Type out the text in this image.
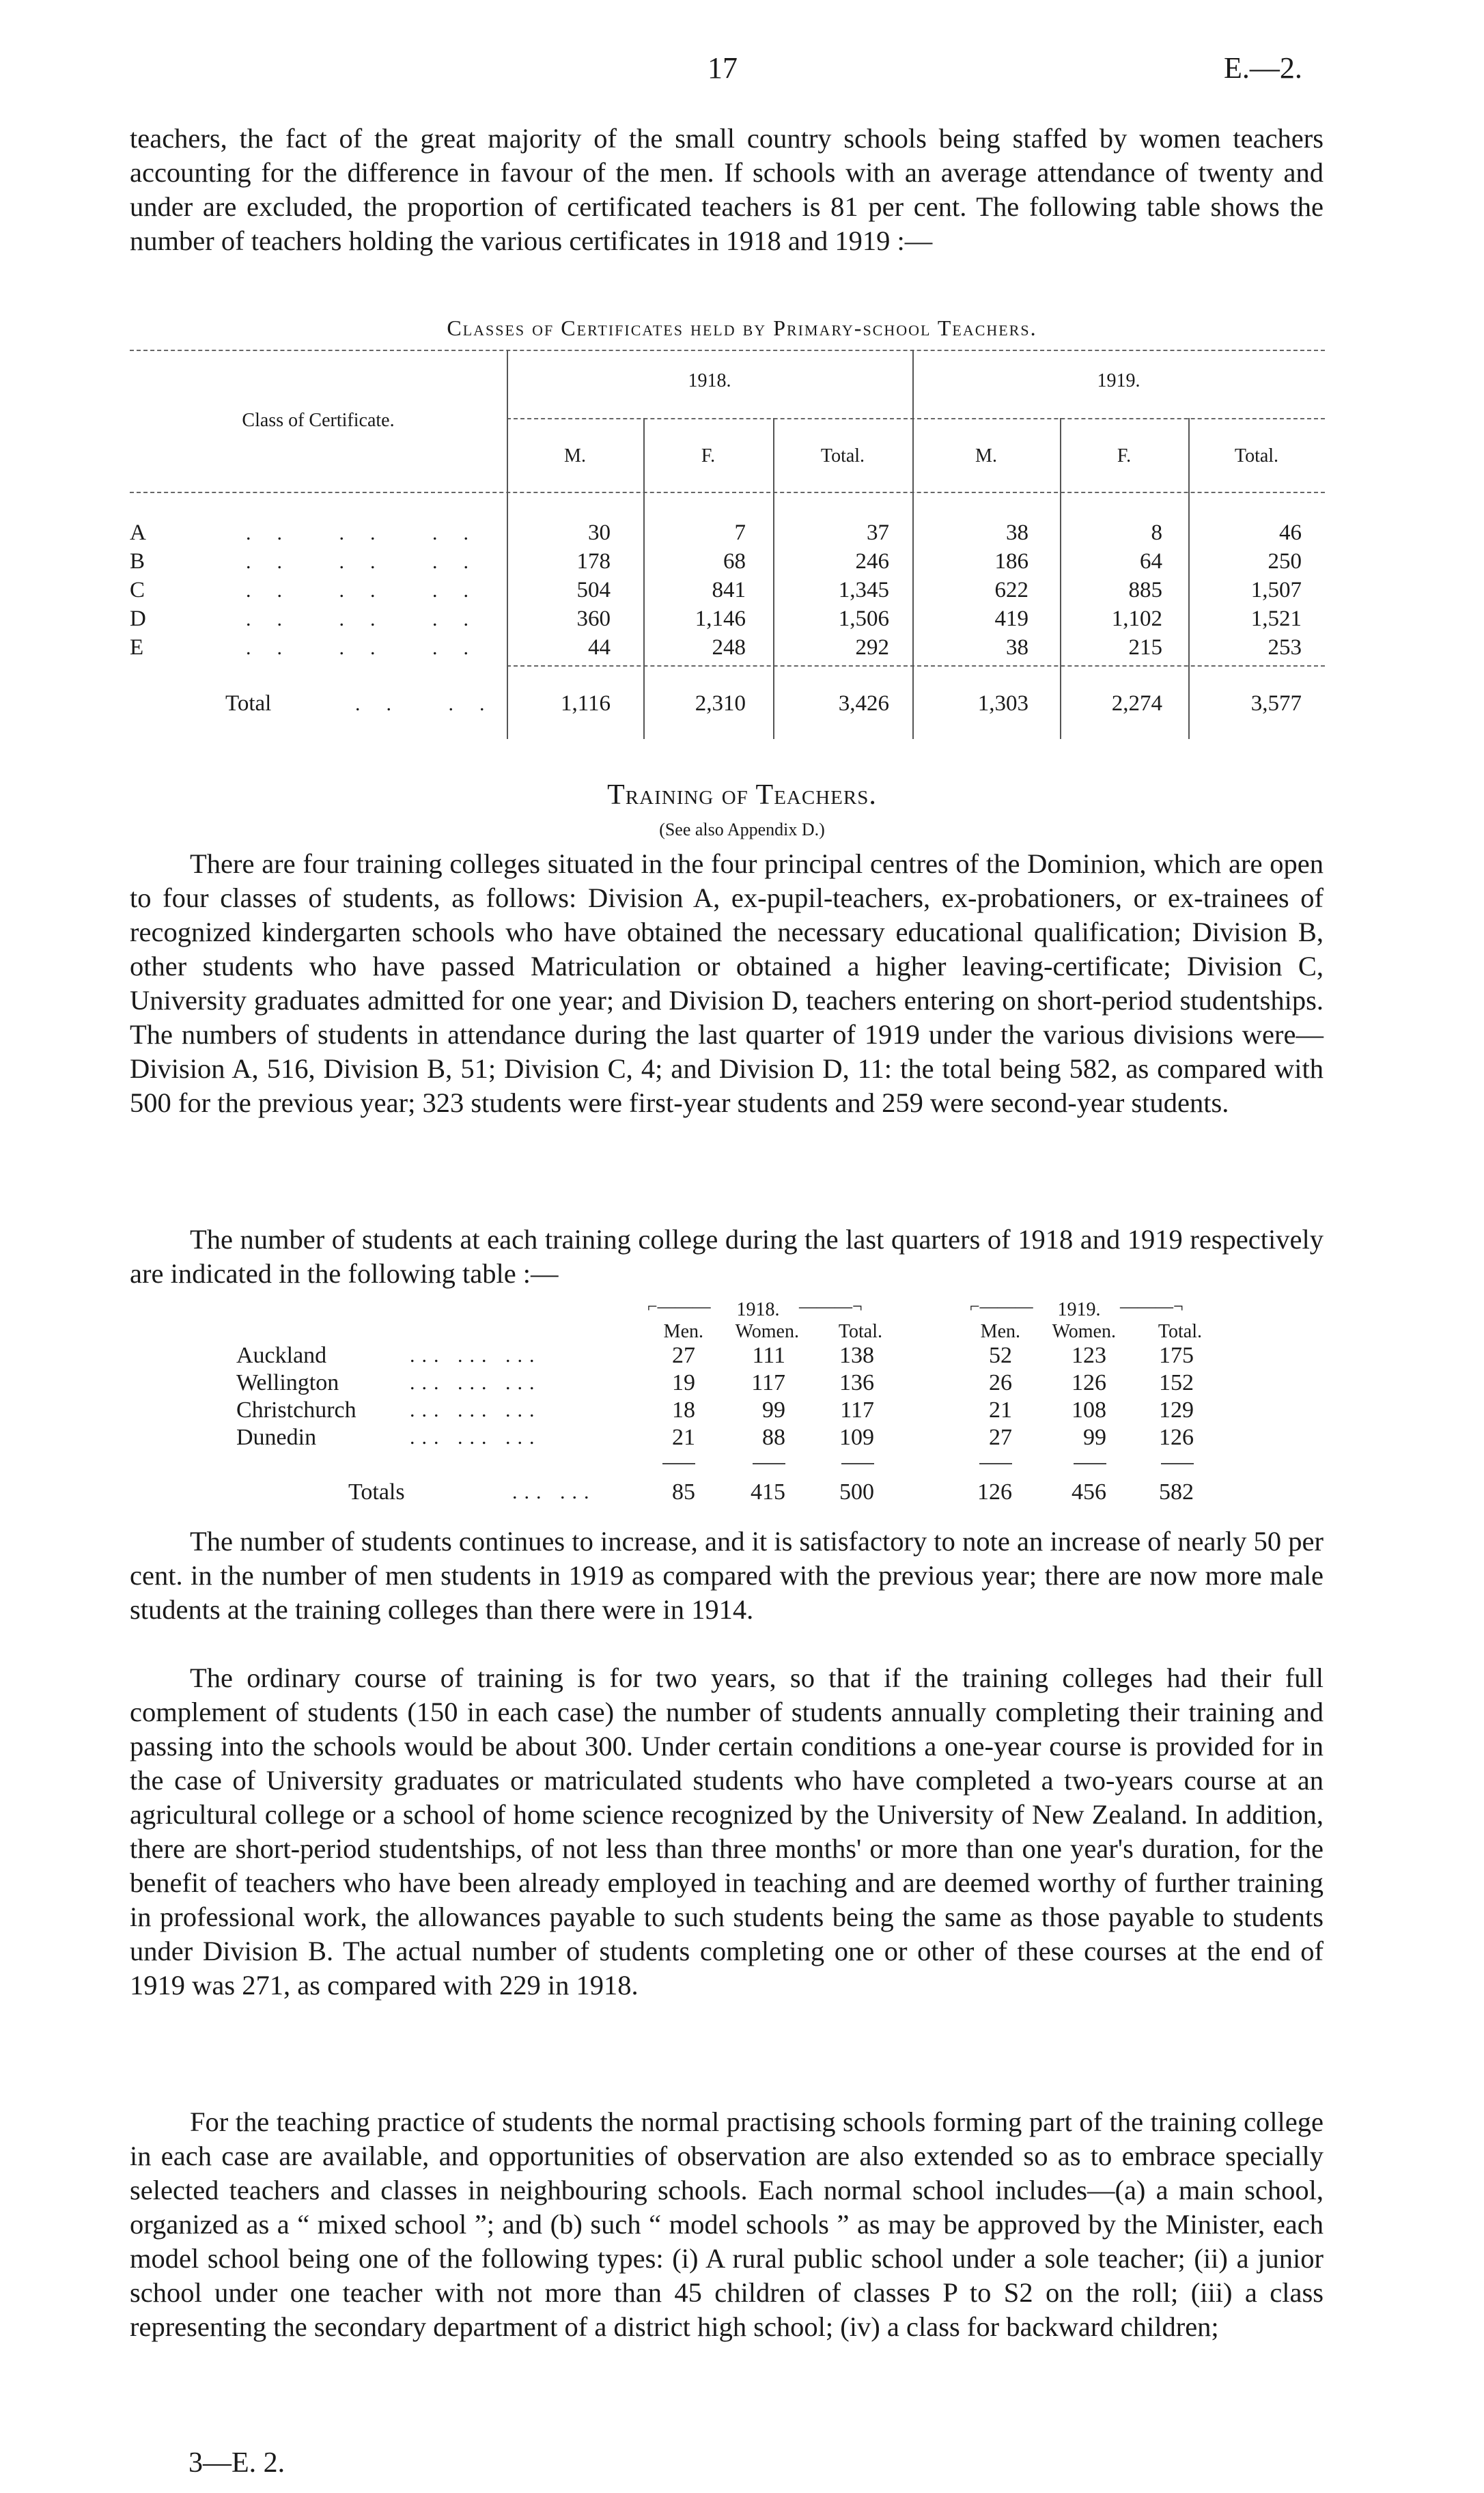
17	E.—2.

teachers, the fact of the great majority of the small country schools being staffed by women teachers accounting for the difference in favour of the men. If schools with an average attendance of twenty and under are excluded, the proportion of certificated teachers is 81 per cent. The following table shows the number of teachers holding the various certificates in 1918 and 1919 :—

Classes of Certificates held by Primary-school Teachers.
Class of Certificate.
1918.	1919.
M.	F.	Total.	M.	F.	Total.
A	.. .. ..	30	7	37	38	8	46
B	.. .. ..	178	68	246	186	64	250
C	.. .. ..	504	841	1,345	622	885	1,507
D	.. .. ..	360	1,146	1,506	419	1,102	1,521
E	.. .. ..	44	248	292	38	215	253
Total	.. ..	1,116	2,310	3,426	1,303	2,274	3,577
Training of Teachers.
(See also Appendix D.)

There are four training colleges situated in the four principal centres of the Dominion, which are open to four classes of students, as follows: Division A, ex-pupil-teachers, ex-probationers, or ex-trainees of recognized kindergarten schools who have obtained the necessary educational qualification; Division B, other students who have passed Matriculation or obtained a higher leaving-certificate; Division C, University graduates admitted for one year; and Division D, teachers entering on short-period studentships. The numbers of students in attendance during the last quarter of 1919 under the various divisions were—Division A, 516, Division B, 51; Division C, 4; and Division D, 11: the total being 582, as compared with 500 for the previous year; 323 students were first-year students and 259 were second-year students.

The number of students at each training college during the last quarters of 1918 and 1919 respectively are indicated in the following table :—

⌐———	1918.	———¬	⌐———	1919.	———¬
Men.	Women.	Total.	Men.	Women.	Total.
Auckland	... ... ...	27	111	138	52	123	175
Wellington	... ... ...	19	117	136	26	126	152
Christchurch	... ... ...	18	99	117	21	108	129
Dunedin	... ... ...	21	88	109	27	99	126
Totals	... ...	85	415	500	126	456	582

The number of students continues to increase, and it is satisfactory to note an increase of nearly 50 per cent. in the number of men students in 1919 as compared with the previous year; there are now more male students at the training colleges than there were in 1914.

The ordinary course of training is for two years, so that if the training colleges had their full complement of students (150 in each case) the number of students annually completing their training and passing into the schools would be about 300. Under certain conditions a one-year course is provided for in the case of University graduates or matriculated students who have completed a two-years course at an agricultural college or a school of home science recognized by the University of New Zealand. In addition, there are short-period studentships, of not less than three months' or more than one year's duration, for the benefit of teachers who have been already employed in teaching and are deemed worthy of further training in professional work, the allowances payable to such students being the same as those payable to students under Division B. The actual number of students completing one or other of these courses at the end of 1919 was 271, as compared with 229 in 1918.

For the teaching practice of students the normal practising schools forming part of the training college in each case are available, and opportunities of observation are also extended so as to embrace specially selected teachers and classes in neighbouring schools. Each normal school includes—(a) a main school, organized as a “ mixed school ”; and (b) such “ model schools ” as may be approved by the Minister, each model school being one of the following types: (i) A rural public school under a sole teacher; (ii) a junior school under one teacher with not more than 45 children of classes P to S2 on the roll; (iii) a class representing the secondary department of a district high school; (iv) a class for backward children;

3—E. 2.
